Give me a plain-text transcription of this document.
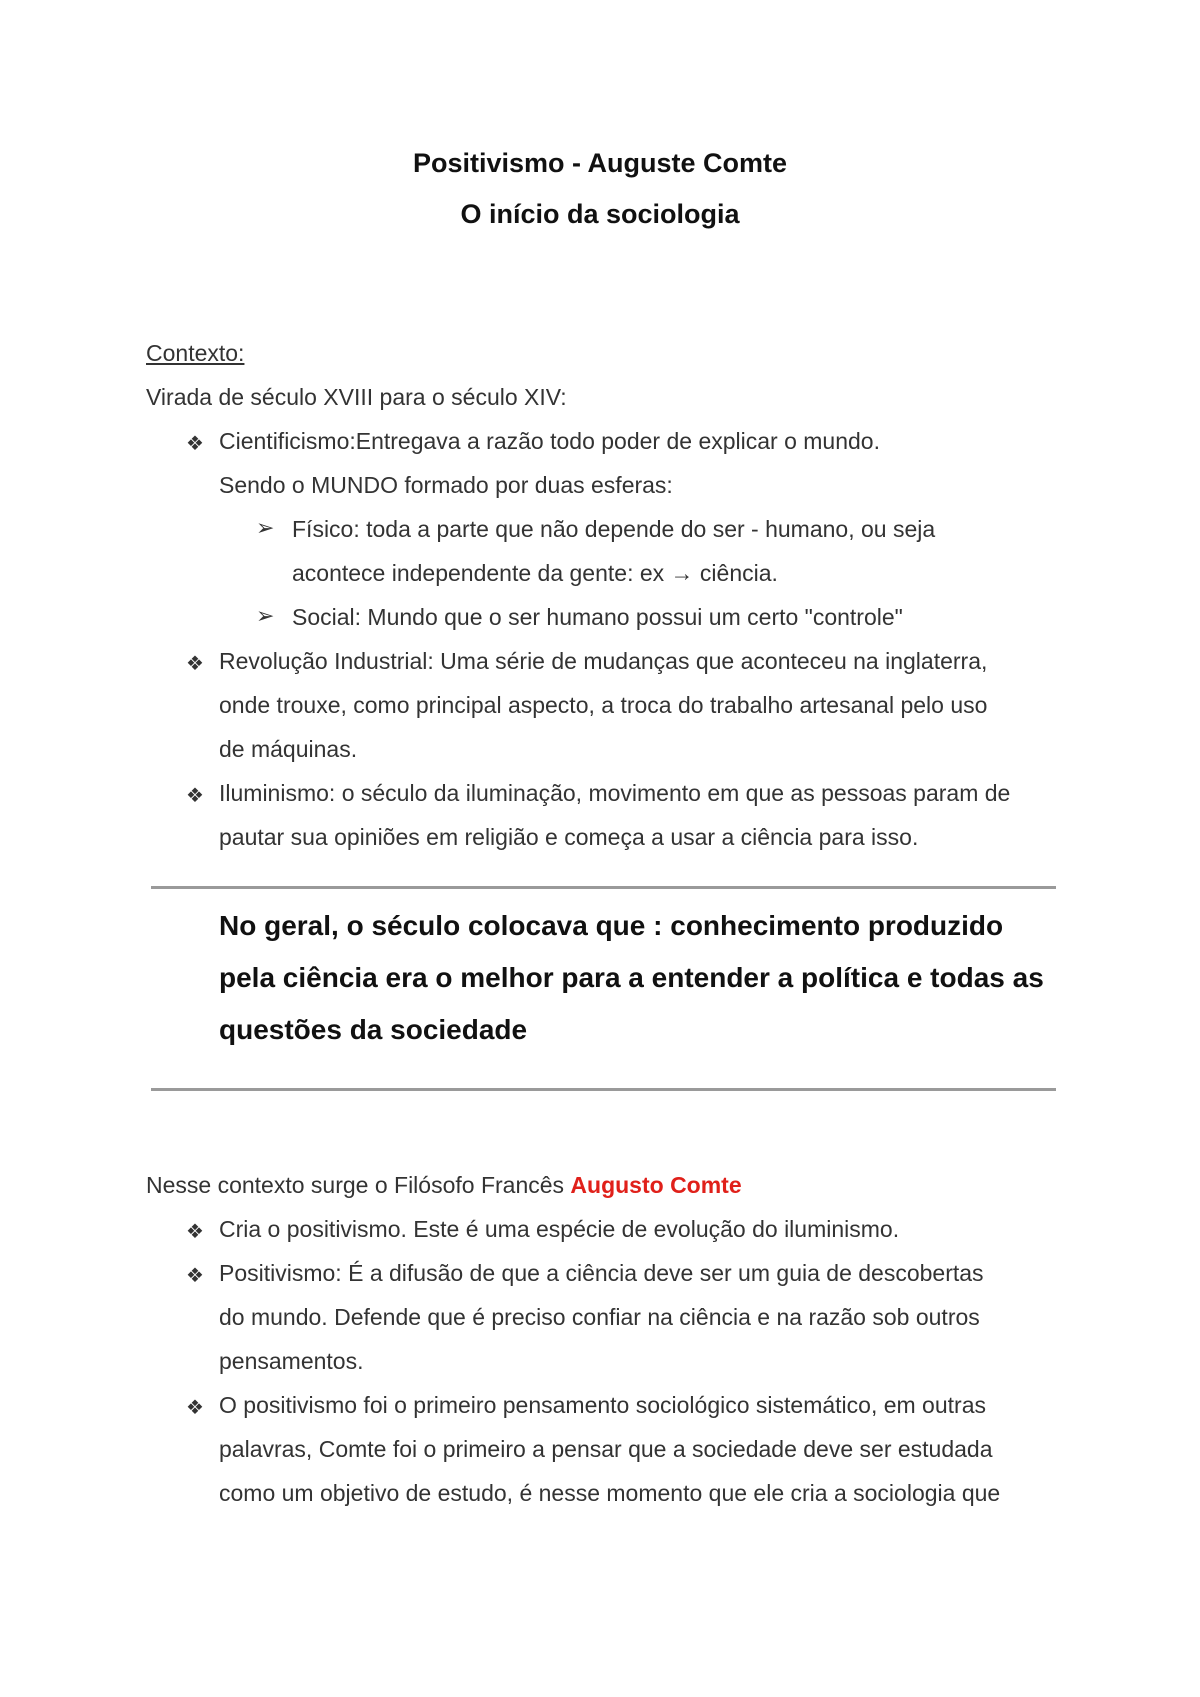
Positivismo - Auguste Comte
O início da sociologia
Contexto:
Virada de século XVIII para o século XIV:
❖ Cientificismo:Entregava a razão todo poder de explicar o mundo.
Sendo o MUNDO formado por duas esferas:
➢ Físico: toda a parte que não depende do ser - humano, ou seja
acontece independente da gente: ex → ciência.
➢ Social: Mundo que o ser humano possui um certo "controle"
❖ Revolução Industrial: Uma série de mudanças que aconteceu na inglaterra,
onde trouxe, como principal aspecto, a troca do trabalho artesanal pelo uso
de máquinas.
❖ Iluminismo: o século da iluminação, movimento em que as pessoas param de
pautar sua opiniões em religião e começa a usar a ciência para isso.
No geral, o século colocava que : conhecimento produzido
pela ciência era o melhor para a entender a política e todas as
questões da sociedade
Nesse contexto surge o Filósofo Francês Augusto Comte
❖ Cria o positivismo. Este é uma espécie de evolução do iluminismo.
❖ Positivismo: É a difusão de que a ciência deve ser um guia de descobertas
do mundo. Defende que é preciso confiar na ciência e na razão sob outros
pensamentos.
❖ O positivismo foi o primeiro pensamento sociológico sistemático, em outras
palavras, Comte foi o primeiro a pensar que a sociedade deve ser estudada
como um objetivo de estudo, é nesse momento que ele cria a sociologia que
